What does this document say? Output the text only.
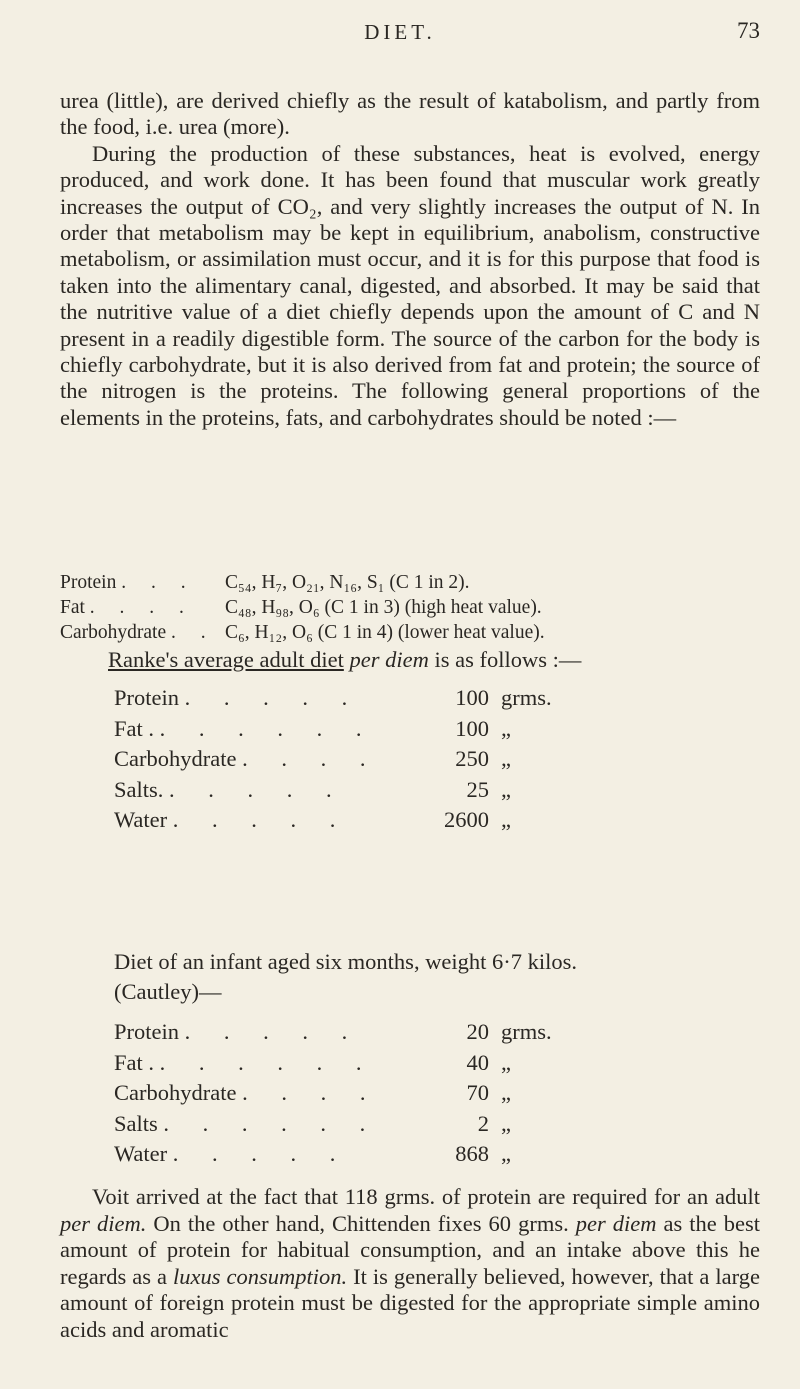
DIET.	73

urea (little), are derived chiefly as the result of katabolism, and partly from the food, i.e. urea (more).

During the production of these substances, heat is evolved, energy produced, and work done. It has been found that muscular work greatly increases the output of CO₂, and very slightly increases the output of N. In order that metabolism may be kept in equilibrium, anabolism, constructive metabolism, or assimilation must occur, and it is for this purpose that food is taken into the alimentary canal, digested, and absorbed. It may be said that the nutritive value of a diet chiefly depends upon the amount of C and N present in a readily digestible form. The source of the carbon for the body is chiefly carbohydrate, but it is also derived from fat and protein; the source of the nitrogen is the proteins. The following general proportions of the elements in the proteins, fats, and carbohydrates should be noted :—

Protein . . .	C₅₄, H₇, O₂₁, N₁₆, S₁ (C 1 in 2).
Fat . . . .	C₄₈, H₉₈, O₆ (C 1 in 3) (high heat value).
Carbohydrate . . C₆, H₁₂, O₆ (C 1 in 4) (lower heat value).
Ranke's average adult diet per diem is as follows :—
Protein . . . . .	100 grms.
Fat . . . . . . .	100 „
Carbohydrate . . . .	250 „
Salts. . . . . .	25 „
Water . . . . .	2600 „
Diet of an infant aged six months, weight 6·7 kilos.
(Cautley)—
Protein . . . . .	20 grms.
Fat . . . . . . .	40 „
Carbohydrate . . . .	70 „
Salts . . . . . .	2 „
Water . . . . .	868 „

Voit arrived at the fact that 118 grms. of protein are required for an adult per diem. On the other hand, Chittenden fixes 60 grms. per diem as the best amount of protein for habitual consumption, and an intake above this he regards as a luxus consumption. It is generally believed, however, that a large amount of foreign protein must be digested for the appropriate simple amino acids and aromatic
